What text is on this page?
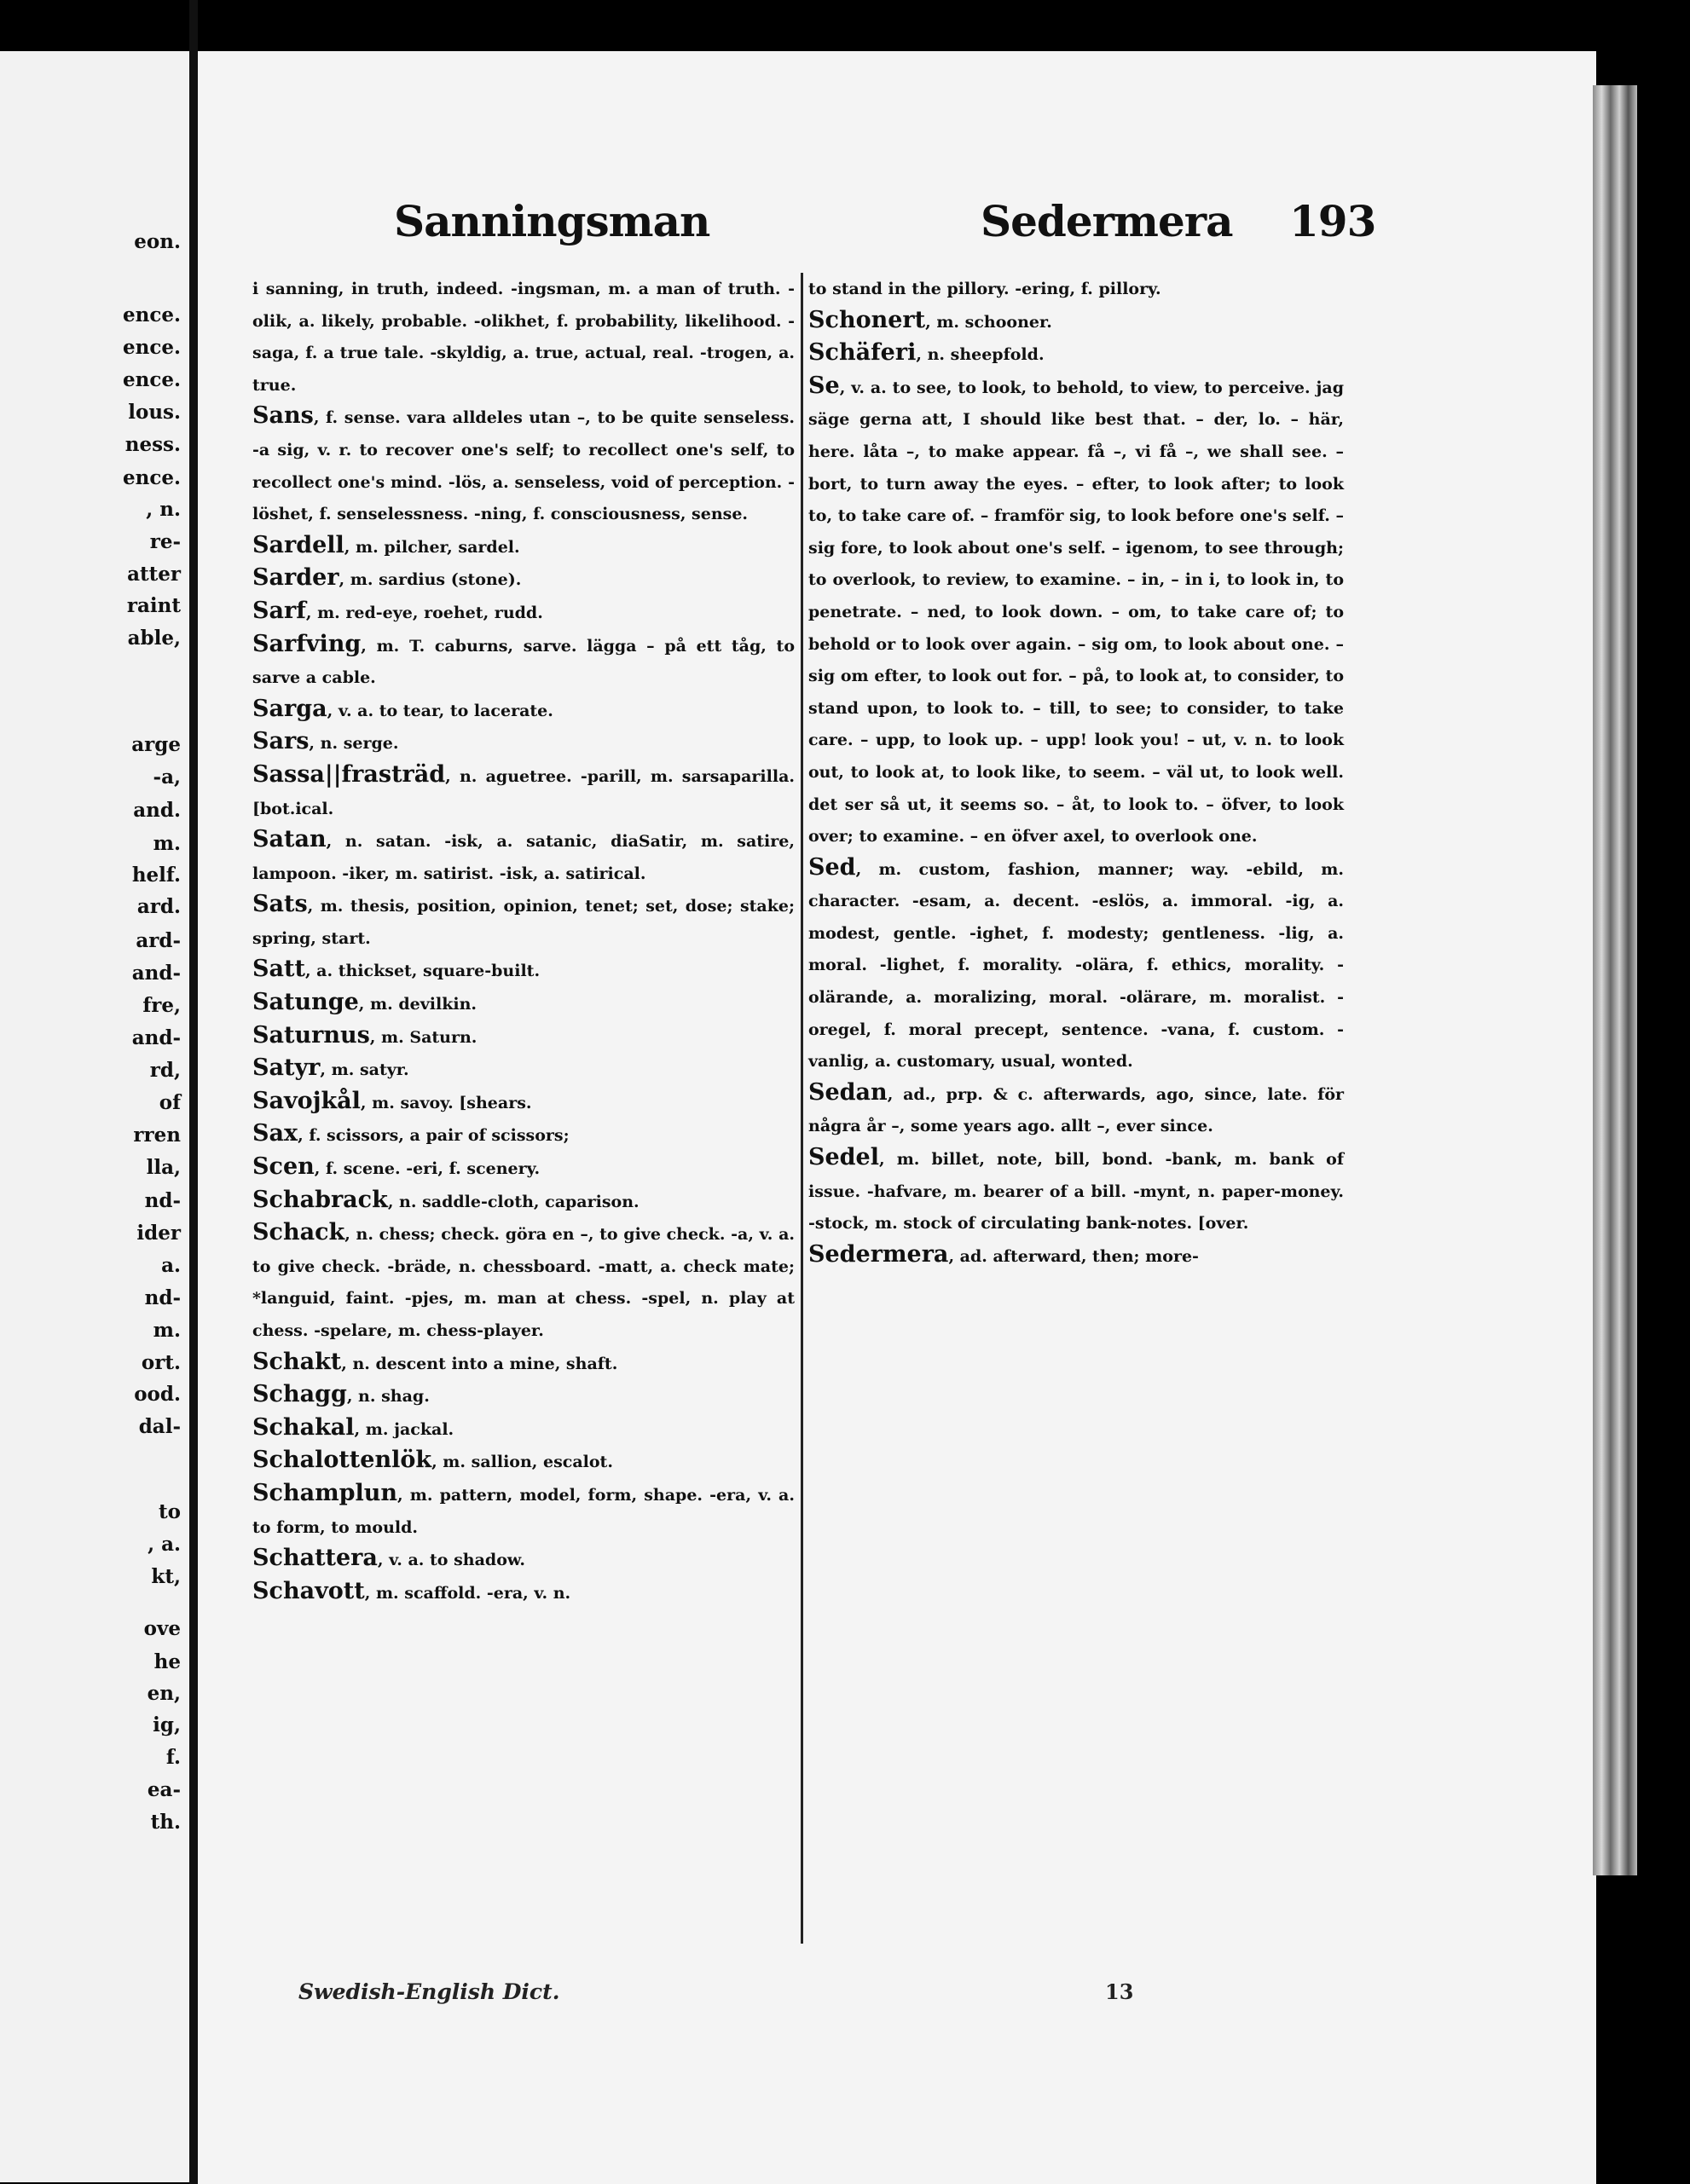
eon.
ence.
ence.
ence.
lous.
ness.
ence.
, n.
re-
atter
raint
able,
arge
-a,
and.
m.
helf.
ard.
ard-
and-
fre,
and-
rd,
of
rren
lla,
nd-
ider
a.
nd-
m.
ort.
ood.
dal-
to
, a.
kt,
ove
he
en,
ig,
f.
ea-
th.
Sanningsman	Sedermera 193

i sanning, in truth, indeed. -ingsman, m. a man of truth. -olik, a. likely, probable. -olikhet, f. probability, likelihood. -saga, f. a true tale. -skyldig, a. true, actual, real. -trogen, a. true.

Sans, f. sense. vara alldeles utan –, to be quite senseless. -a sig, v. r. to recover one's self; to recollect one's self, to recollect one's mind. -lös, a. senseless, void of perception. -löshet, f. senselessness. -ning, f. consciousness, sense.

Sardell, m. pilcher, sardel.

Sarder, m. sardius (stone).

Sarf, m. red-eye, roehet, rudd.

Sarfving, m. T. caburns, sarve. lägga – på ett tåg, to sarve a cable.

Sarga, v. a. to tear, to lacerate.

Sars, n. serge.

Sassa||frasträd, n. aguetree. -parill, m. sarsaparilla. [bot.ical.

Satan, n. satan. -isk, a. satanic, diaSatir, m. satire, lampoon. -iker, m. satirist. -isk, a. satirical.

Sats, m. thesis, position, opinion, tenet; set, dose; stake; spring, start.

Satt, a. thickset, square-built.

Satunge, m. devilkin.

Saturnus, m. Saturn.

Satyr, m. satyr.

Savojkål, m. savoy. [shears.

Sax, f. scissors, a pair of scissors;

Scen, f. scene. -eri, f. scenery.

Schabrack, n. saddle-cloth, caparison.

Schack, n. chess; check. göra en –, to give check. -a, v. a. to give check. -bräde, n. chessboard. -matt, a. check mate; *languid, faint. -pjes, m. man at chess. -spel, n. play at chess. -spelare, m. chess-player.

Schakt, n. descent into a mine, shaft.

Schagg, n. shag.

Schakal, m. jackal.

Schalottenlök, m. sallion, escalot.

Schamplun, m. pattern, model, form, shape. -era, v. a. to form, to mould.

Schattera, v. a. to shadow.

Schavott, m. scaffold. -era, v. n.

to stand in the pillory. -ering, f. pillory.

Schonert, m. schooner.

Schäferi, n. sheepfold.

Se, v. a. to see, to look, to behold, to view, to perceive. jag säge gerna att, I should like best that. – der, lo. – här, here. låta –, to make appear. få –, vi få –, we shall see. – bort, to turn away the eyes. – efter, to look after; to look to, to take care of. – framför sig, to look before one's self. – sig fore, to look about one's self. – igenom, to see through; to overlook, to review, to examine. – in, – in i, to look in, to penetrate. – ned, to look down. – om, to take care of; to behold or to look over again. – sig om, to look about one. – sig om efter, to look out for. – på, to look at, to consider, to stand upon, to look to. – till, to see; to consider, to take care. – upp, to look up. – upp! look you! – ut, v. n. to look out, to look at, to look like, to seem. – väl ut, to look well. det ser så ut, it seems so. – åt, to look to. – öfver, to look over; to examine. – en öfver axel, to overlook one.

Sed, m. custom, fashion, manner; way. -ebild, m. character. -esam, a. decent. -eslös, a. immoral. -ig, a. modest, gentle. -ighet, f. modesty; gentleness. -lig, a. moral. -lighet, f. morality. -olära, f. ethics, morality. -olärande, a. moralizing, moral. -olärare, m. moralist. -oregel, f. moral precept, sentence. -vana, f. custom. -vanlig, a. customary, usual, wonted.

Sedan, ad., prp. & c. afterwards, ago, since, late. för några år –, some years ago. allt –, ever since.

Sedel, m. billet, note, bill, bond. -bank, m. bank of issue. -hafvare, m. bearer of a bill. -mynt, n. paper-money. -stock, m. stock of circulating bank-notes. [over.

Sedermera, ad. afterward, then; more-

Swedish-English Dict.	13
